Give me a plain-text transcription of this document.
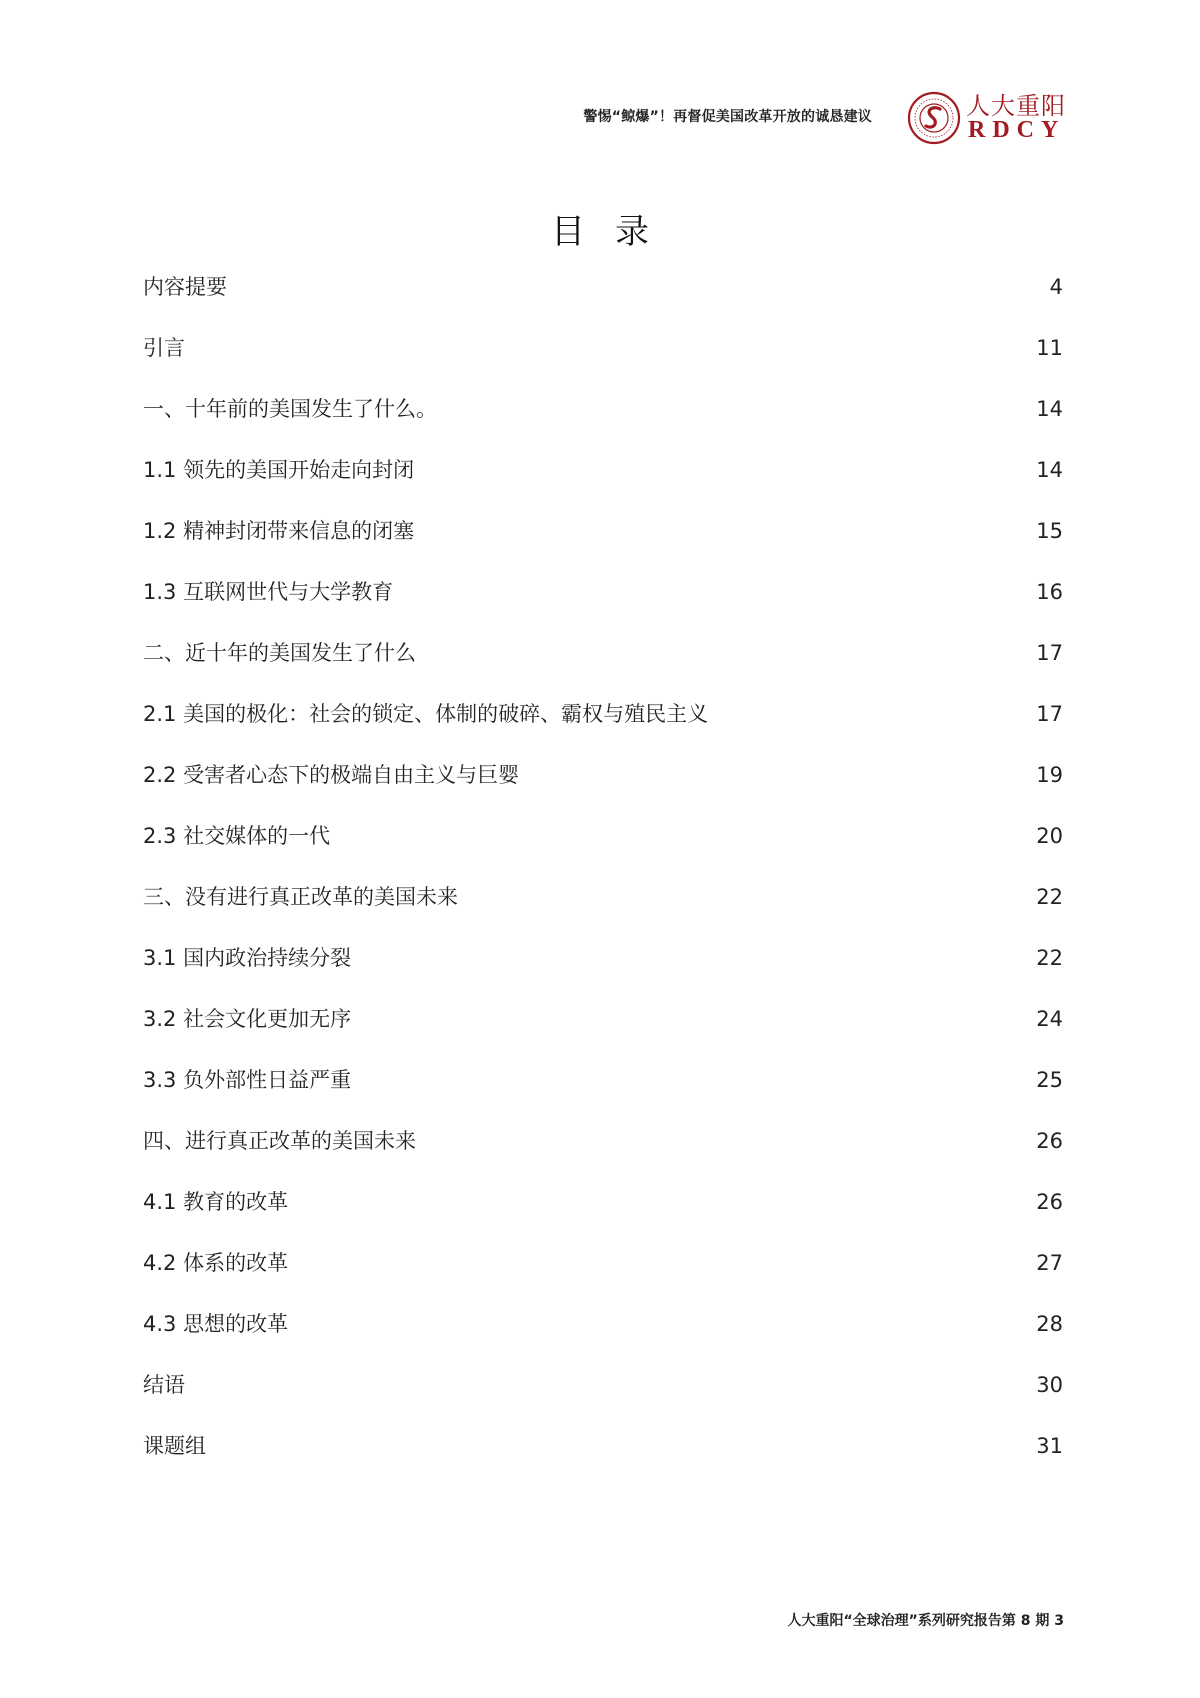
警惕“鲸爆”！再督促美国改革开放的诚恳建议	人大重阳
RDCY
目录
内容提要	4
引言	11
一、十年前的美国发生了什么。	14
1.1 领先的美国开始走向封闭	14
1.2 精神封闭带来信息的闭塞	15
1.3 互联网世代与大学教育	16
二、近十年的美国发生了什么	17
2.1 美国的极化：社会的锁定、体制的破碎、霸权与殖民主义	17
2.2 受害者心态下的极端自由主义与巨婴	19
2.3 社交媒体的一代	20
三、没有进行真正改革的美国未来	22
3.1 国内政治持续分裂	22
3.2 社会文化更加无序	24
3.3 负外部性日益严重	25
四、进行真正改革的美国未来	26
4.1 教育的改革	26
4.2 体系的改革	27
4.3 思想的改革	28
结语	30
课题组	31
人大重阳“全球治理”系列研究报告第 8 期 3
